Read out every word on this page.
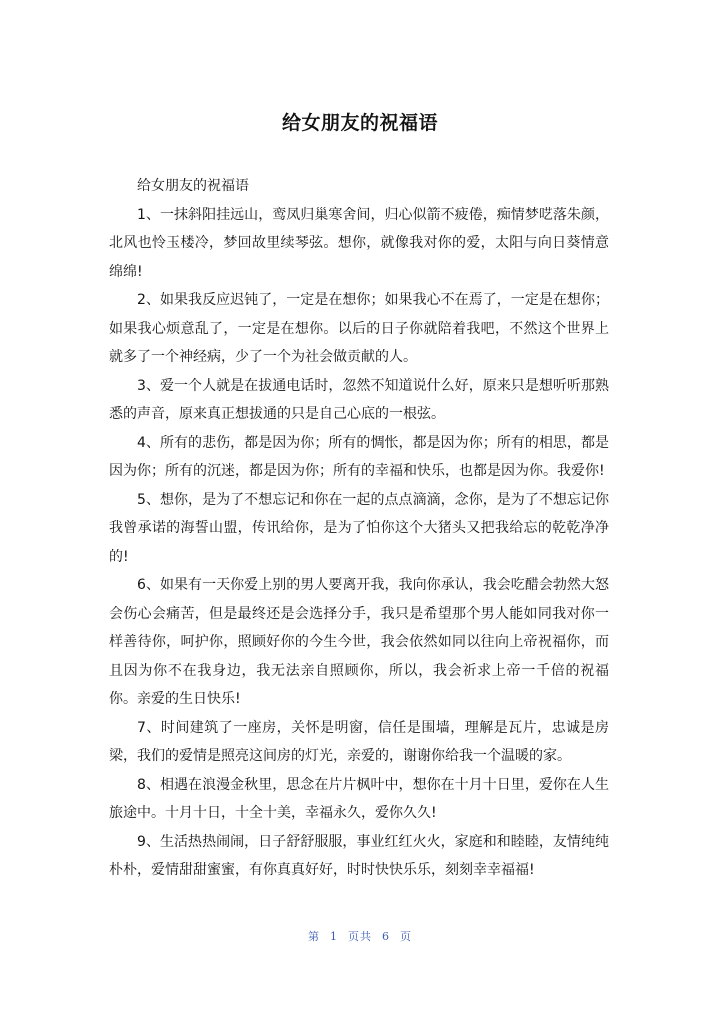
给女朋友的祝福语

给女朋友的祝福语

1、一抹斜阳挂远山，鸾凤归巢寒舍间，归心似箭不疲倦，痴情梦呓落朱颜，北风也怜玉楼冷，梦回故里续琴弦。想你，就像我对你的爱，太阳与向日葵情意绵绵!

2、如果我反应迟钝了，一定是在想你；如果我心不在焉了，一定是在想你；如果我心烦意乱了，一定是在想你。以后的日子你就陪着我吧，不然这个世界上就多了一个神经病，少了一个为社会做贡献的人。

3、爱一个人就是在拔通电话时，忽然不知道说什么好，原来只是想听听那熟悉的声音，原来真正想拔通的只是自己心底的一根弦。

4、所有的悲伤，都是因为你；所有的惆怅，都是因为你；所有的相思，都是因为你；所有的沉迷，都是因为你；所有的幸福和快乐，也都是因为你。我爱你!

5、想你，是为了不想忘记和你在一起的点点滴滴，念你，是为了不想忘记你我曾承诺的海誓山盟，传讯给你，是为了怕你这个大猪头又把我给忘的乾乾净净的!

6、如果有一天你爱上别的男人要离开我，我向你承认，我会吃醋会勃然大怒会伤心会痛苦，但是最终还是会选择分手，我只是希望那个男人能如同我对你一样善待你，呵护你，照顾好你的今生今世，我会依然如同以往向上帝祝福你，而且因为你不在我身边，我无法亲自照顾你，所以，我会祈求上帝一千倍的祝福你。亲爱的生日快乐!

7、时间建筑了一座房，关怀是明窗，信任是围墙，理解是瓦片，忠诚是房梁，我们的爱情是照亮这间房的灯光，亲爱的，谢谢你给我一个温暖的家。

8、相遇在浪漫金秋里，思念在片片枫叶中，想你在十月十日里，爱你在人生旅途中。十月十日，十全十美，幸福永久，爱你久久!

9、生活热热闹闹，日子舒舒服服，事业红红火火，家庭和和睦睦，友情纯纯朴朴，爱情甜甜蜜蜜，有你真真好好，时时快快乐乐，刻刻幸幸福福!

第 1 页共 6 页
